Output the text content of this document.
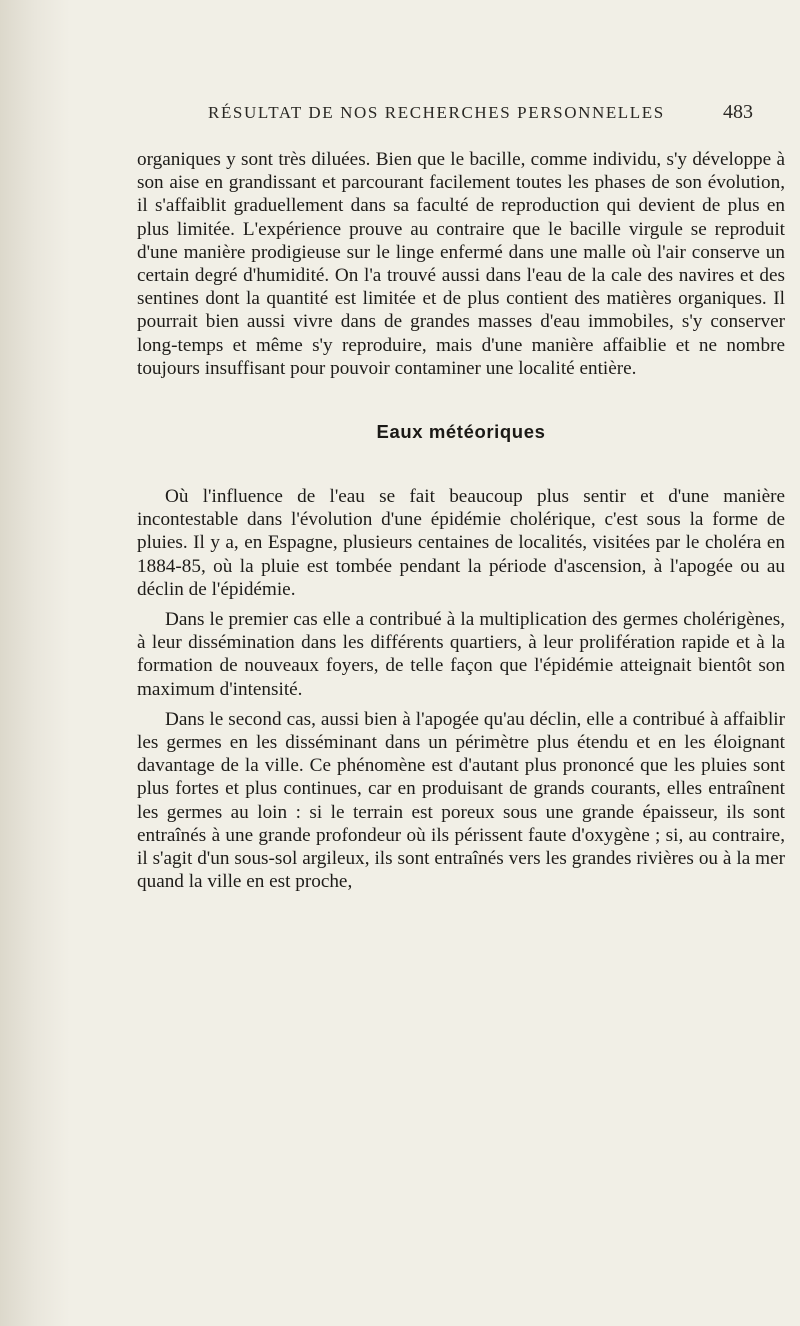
RÉSULTAT DE NOS RECHERCHES PERSONNELLES	483

organiques y sont très diluées. Bien que le bacille, comme individu, s'y développe à son aise en grandissant et parcourant facilement toutes les phases de son évolution, il s'affaiblit graduellement dans sa faculté de reproduction qui devient de plus en plus limitée. L'expérience prouve au contraire que le bacille virgule se reproduit d'une manière prodigieuse sur le linge enfermé dans une malle où l'air conserve un certain degré d'humidité. On l'a trouvé aussi dans l'eau de la cale des navires et des sentines dont la quantité est limitée et de plus contient des matières organiques. Il pourrait bien aussi vivre dans de grandes masses d'eau immobiles, s'y conserver long-temps et même s'y reproduire, mais d'une manière affaiblie et ne nombre toujours insuffisant pour pouvoir contaminer une localité entière.

Eaux météoriques

Où l'influence de l'eau se fait beaucoup plus sentir et d'une manière incontestable dans l'évolution d'une épidémie cholérique, c'est sous la forme de pluies. Il y a, en Espagne, plusieurs centaines de localités, visitées par le choléra en 1884-85, où la pluie est tombée pendant la période d'ascension, à l'apogée ou au déclin de l'épidémie.

Dans le premier cas elle a contribué à la multiplication des germes cholérigènes, à leur dissémination dans les différents quartiers, à leur prolifération rapide et à la formation de nouveaux foyers, de telle façon que l'épidémie atteignait bientôt son maximum d'intensité.

Dans le second cas, aussi bien à l'apogée qu'au déclin, elle a contribué à affaiblir les germes en les disséminant dans un périmètre plus étendu et en les éloignant davantage de la ville. Ce phénomène est d'autant plus prononcé que les pluies sont plus fortes et plus continues, car en produisant de grands courants, elles entraînent les germes au loin : si le terrain est poreux sous une grande épaisseur, ils sont entraînés à une grande profondeur où ils périssent faute d'oxygène ; si, au contraire, il s'agit d'un sous-sol argileux, ils sont entraînés vers les grandes rivières ou à la mer quand la ville en est proche,
